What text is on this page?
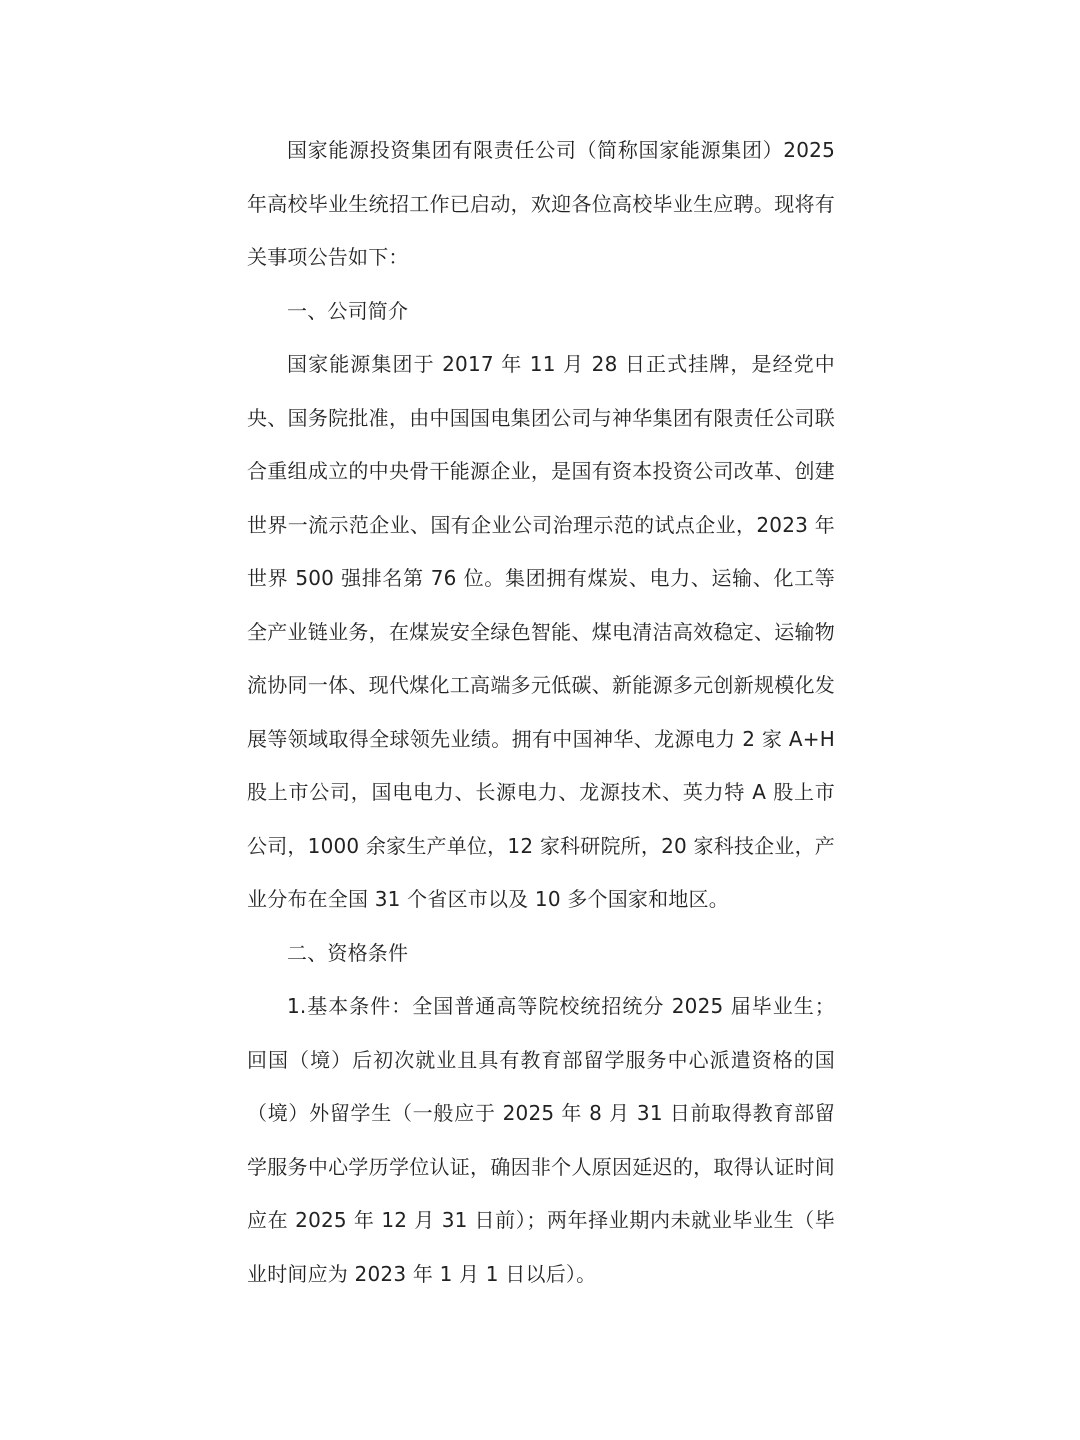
国家能源投资集团有限责任公司（简称国家能源集团）2025年高校毕业生统招工作已启动，欢迎各位高校毕业生应聘。现将有关事项公告如下：

一、公司简介

国家能源集团于 2017 年 11 月 28 日正式挂牌，是经党中央、国务院批准，由中国国电集团公司与神华集团有限责任公司联合重组成立的中央骨干能源企业，是国有资本投资公司改革、创建世界一流示范企业、国有企业公司治理示范的试点企业，2023 年世界 500 强排名第 76 位。集团拥有煤炭、电力、运输、化工等全产业链业务，在煤炭安全绿色智能、煤电清洁高效稳定、运输物流协同一体、现代煤化工高端多元低碳、新能源多元创新规模化发展等领域取得全球领先业绩。拥有中国神华、龙源电力 2 家 A+H 股上市公司，国电电力、长源电力、龙源技术、英力特 A 股上市公司，1000 余家生产单位，12 家科研院所，20 家科技企业，产业分布在全国 31 个省区市以及 10 多个国家和地区。

二、资格条件

1.基本条件：全国普通高等院校统招统分 2025 届毕业生；回国（境）后初次就业且具有教育部留学服务中心派遣资格的国（境）外留学生（一般应于 2025 年 8 月 31 日前取得教育部留学服务中心学历学位认证，确因非个人原因延迟的，取得认证时间应在 2025 年 12 月 31 日前）；两年择业期内未就业毕业生（毕业时间应为 2023 年 1 月 1 日以后）。
